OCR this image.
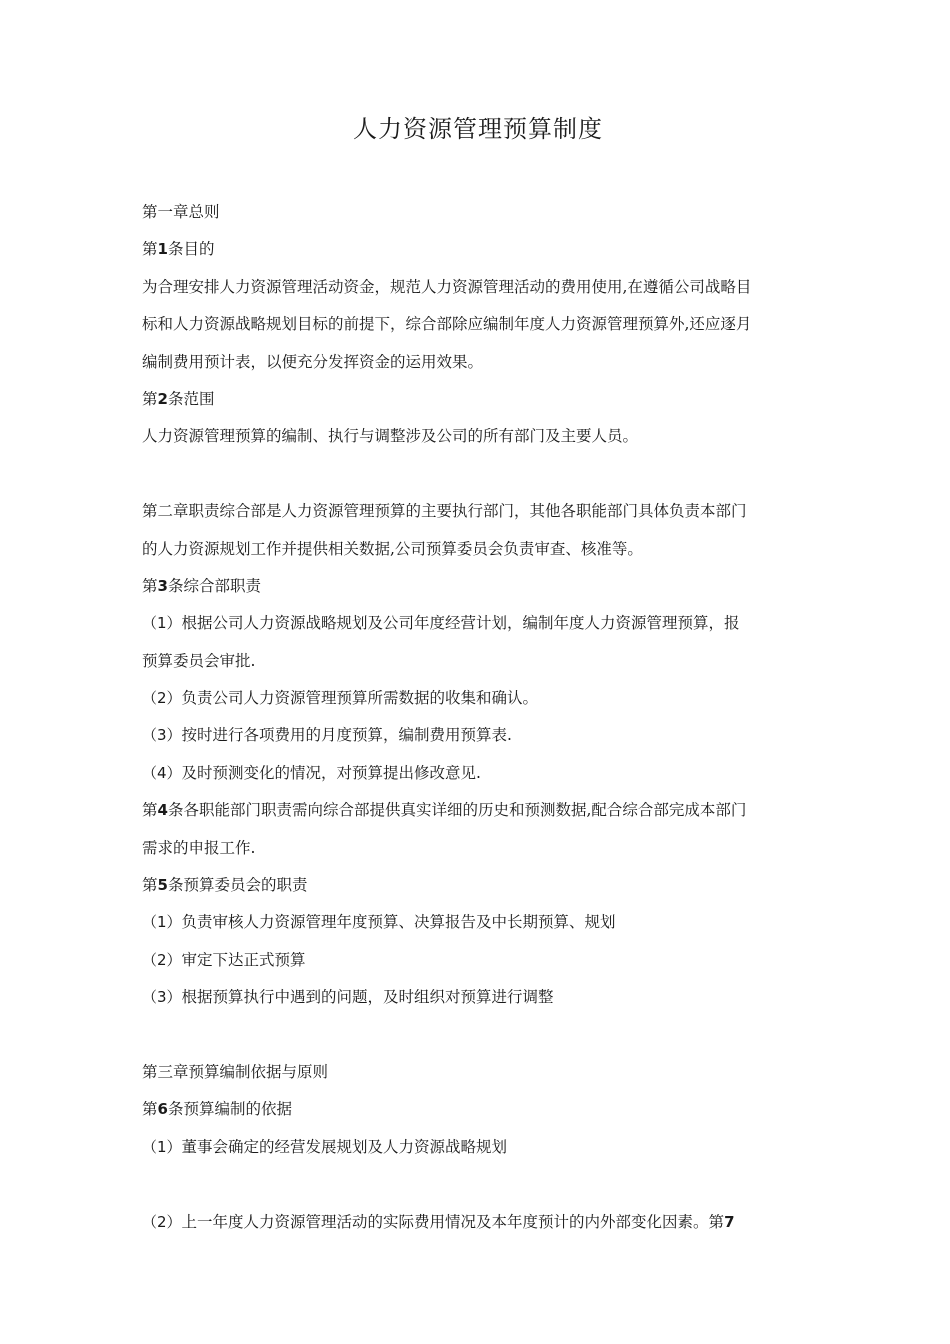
人力资源管理预算制度
第一章总则
第1条目的
为合理安排人力资源管理活动资金，规范人力资源管理活动的费用使用,在遵循公司战略目
标和人力资源战略规划目标的前提下，综合部除应编制年度人力资源管理预算外,还应逐月
编制费用预计表，以便充分发挥资金的运用效果。
第2条范围
人力资源管理预算的编制、执行与调整涉及公司的所有部门及主要人员。
第二章职责综合部是人力资源管理预算的主要执行部门，其他各职能部门具体负责本部门
的人力资源规划工作并提供相关数据,公司预算委员会负责审查、核准等。
第3条综合部职责
（1）根据公司人力资源战略规划及公司年度经营计划，编制年度人力资源管理预算，报
预算委员会审批.
（2）负责公司人力资源管理预算所需数据的收集和确认。
（3）按时进行各项费用的月度预算，编制费用预算表.
（4）及时预测变化的情况，对预算提出修改意见.
第4条各职能部门职责需向综合部提供真实详细的历史和预测数据,配合综合部完成本部门
需求的申报工作.
第5条预算委员会的职责
（1）负责审核人力资源管理年度预算、决算报告及中长期预算、规划
（2）审定下达正式预算
（3）根据预算执行中遇到的问题，及时组织对预算进行调整
第三章预算编制依据与原则
第6条预算编制的依据
（1）董事会确定的经营发展规划及人力资源战略规划
（2）上一年度人力资源管理活动的实际费用情况及本年度预计的内外部变化因素。第7
